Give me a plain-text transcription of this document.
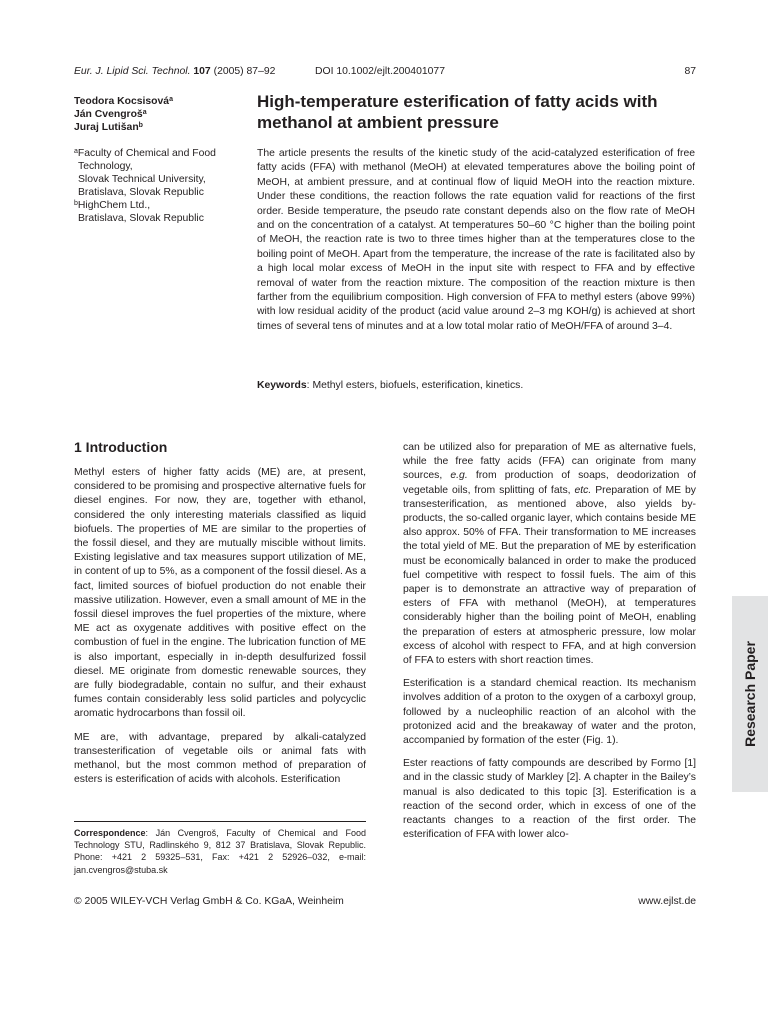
Eur. J. Lipid Sci. Technol. 107 (2005) 87–92	DOI 10.1002/ejlt.200401077	87
Teodora Kocsisová$^a$
Ján Cvengroš$^a$
Juraj Lutišan$^b$
$^a$Faculty of Chemical and Food
Technology,
Slovak Technical University,
Bratislava, Slovak Republic
$^b$HighChem Ltd.,
Bratislava, Slovak Republic
High-temperature esterification of fatty acids with methanol at ambient pressure
The article presents the results of the kinetic study of the acid-catalyzed esterification of free fatty acids (FFA) with methanol (MeOH) at elevated temperatures above the boiling point of MeOH, at ambient pressure, and at continual flow of liquid MeOH into the reaction mixture. Under these conditions, the reaction follows the rate equation valid for reactions of the first order. Beside temperature, the pseudo rate constant depends also on the flow rate of MeOH and on the concentration of a catalyst. At temperatures 50–60 °C higher than the boiling point of MeOH, the reaction rate is two to three times higher than at the temperatures close to the boiling point of MeOH. Apart from the temperature, the increase of the rate is facilitated also by a high local molar excess of MeOH in the input site with respect to FFA and by effective removal of water from the reaction mixture. The composition of the reaction mixture is then farther from the equilibrium composition. High conversion of FFA to methyl esters (above 99%) with low residual acidity of the product (acid value around 2–3 mg KOH/g) is achieved at short times of several tens of minutes and at a low total molar ratio of MeOH/FFA of around 3–4.
Keywords: Methyl esters, biofuels, esterification, kinetics.
1 Introduction

Methyl esters of higher fatty acids (ME) are, at present, considered to be promising and prospective alternative fuels for diesel engines. For now, they are, together with ethanol, considered the only interesting materials classified as liquid biofuels. The properties of ME are similar to the properties of the fossil diesel, and they are mutually miscible without limits. Existing legislative and tax measures support utilization of ME, in content of up to 5%, as a component of the fossil diesel. As a fact, limited sources of biofuel production do not enable their massive utilization. However, even a small amount of ME in the fossil diesel improves the fuel properties of the mixture, where ME act as oxygenate additives with positive effect on the combustion of fuel in the engine. The lubrication function of ME is also important, especially in in-depth desulfurized fossil diesel. ME originate from domestic renewable sources, they are fully biodegradable, contain no sulfur, and their exhaust fumes contain considerably less solid particles and polycyclic aromatic hydrocarbons than fossil oil.

ME are, with advantage, prepared by alkali-catalyzed transesterification of vegetable oils or animal fats with methanol, but the most common method of preparation of esters is esterification of acids with alcohols. Esterification

can be utilized also for preparation of ME as alternative fuels, while the free fatty acids (FFA) can originate from many sources, e.g. from production of soaps, deodorization of vegetable oils, from splitting of fats, etc. Preparation of ME by transesterification, as mentioned above, also yields by-products, the so-called organic layer, which contains beside ME also approx. 50% of FFA. Their transformation to ME increases the total yield of ME. But the preparation of ME by esterification must be economically balanced in order to make the produced fuel competitive with respect to fossil fuels. The aim of this paper is to demonstrate an attractive way of preparation of esters of FFA with methanol (MeOH), at temperatures considerably higher than the boiling point of MeOH, enabling the preparation of esters at atmospheric pressure, low molar excess of alcohol with respect to FFA, and at high conversion of FFA to esters with short reaction times.

Esterification is a standard chemical reaction. Its mechanism involves addition of a proton to the oxygen of a carboxyl group, followed by a nucleophilic reaction of an alcohol with the protonized acid and the breakaway of water and the proton, accompanied by formation of the ester (Fig. 1).

Ester reactions of fatty compounds are described by Formo [1] and in the classic study of Markley [2]. A chapter in the Bailey’s manual is also dedicated to this topic [3]. Esterification is a reaction of the second order, which in excess of one of the reactants changes to a reaction of the first order. The esterification of FFA with lower alco-

Correspondence: Ján Cvengroš, Faculty of Chemical and Food Technology STU, Radlinského 9, 812 37 Bratislava, Slovak Republic. Phone: +421 2 59325–531, Fax: +421 2 52926–032, e-mail: jan.cvengros@stuba.sk
© 2005 WILEY-VCH Verlag GmbH & Co. KGaA, Weinheim	www.ejlst.de
Research Paper
